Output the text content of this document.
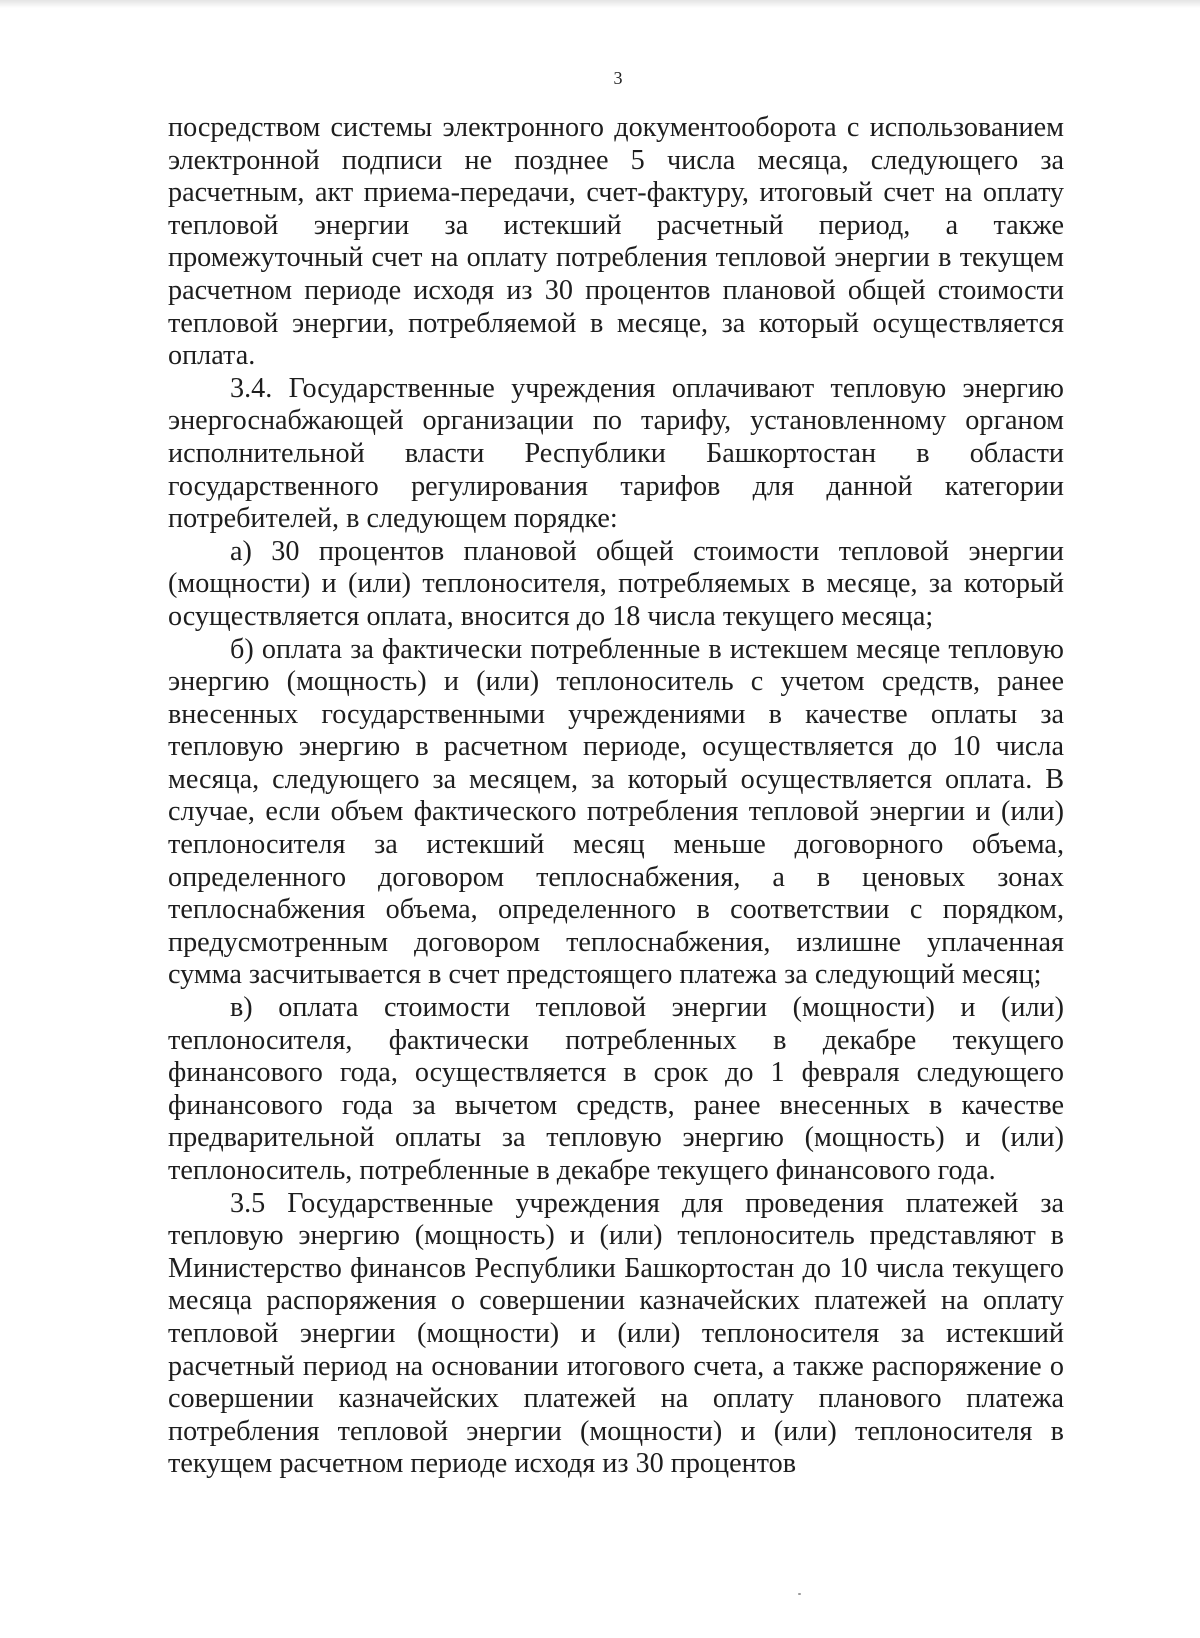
3

посредством системы электронного документооборота с использованием электронной подписи не позднее 5 числа месяца, следующего за расчетным, акт приема-передачи, счет-фактуру, итоговый счет на оплату тепловой энергии за истекший расчетный период, а также промежуточный счет на оплату потребления тепловой энергии в текущем расчетном периоде исходя из 30 процентов плановой общей стоимости тепловой энергии, потребляемой в месяце, за который осуществляется оплата.

3.4. Государственные учреждения оплачивают тепловую энергию энергоснабжающей организации по тарифу, установленному органом исполнительной власти Республики Башкортостан в области государственного регулирования тарифов для данной категории потребителей, в следующем порядке:

а) 30 процентов плановой общей стоимости тепловой энергии (мощности) и (или) теплоносителя, потребляемых в месяце, за который осуществляется оплата, вносится до 18 числа текущего месяца;

б) оплата за фактически потребленные в истекшем месяце тепловую энергию (мощность) и (или) теплоноситель с учетом средств, ранее внесенных государственными учреждениями в качестве оплаты за тепловую энергию в расчетном периоде, осуществляется до 10 числа месяца, следующего за месяцем, за который осуществляется оплата. В случае, если объем фактического потребления тепловой энергии и (или) теплоносителя за истекший месяц меньше договорного объема, определенного договором теплоснабжения, а в ценовых зонах теплоснабжения объема, определенного в соответствии с порядком, предусмотренным договором теплоснабжения, излишне уплаченная сумма засчитывается в счет предстоящего платежа за следующий месяц;

в) оплата стоимости тепловой энергии (мощности) и (или) теплоносителя, фактически потребленных в декабре текущего финансового года, осуществляется в срок до 1 февраля следующего финансового года за вычетом средств, ранее внесенных в качестве предварительной оплаты за тепловую энергию (мощность) и (или) теплоноситель, потребленные в декабре текущего финансового года.

3.5 Государственные учреждения для проведения платежей за тепловую энергию (мощность) и (или) теплоноситель представляют в Министерство финансов Республики Башкортостан до 10 числа текущего месяца распоряжения о совершении казначейских платежей на оплату тепловой энергии (мощности) и (или) теплоносителя за истекший расчетный период на основании итогового счета, а также распоряжение о совершении казначейских платежей на оплату планового платежа потребления тепловой энергии (мощности) и (или) теплоносителя в текущем расчетном периоде исходя из 30 процентов
